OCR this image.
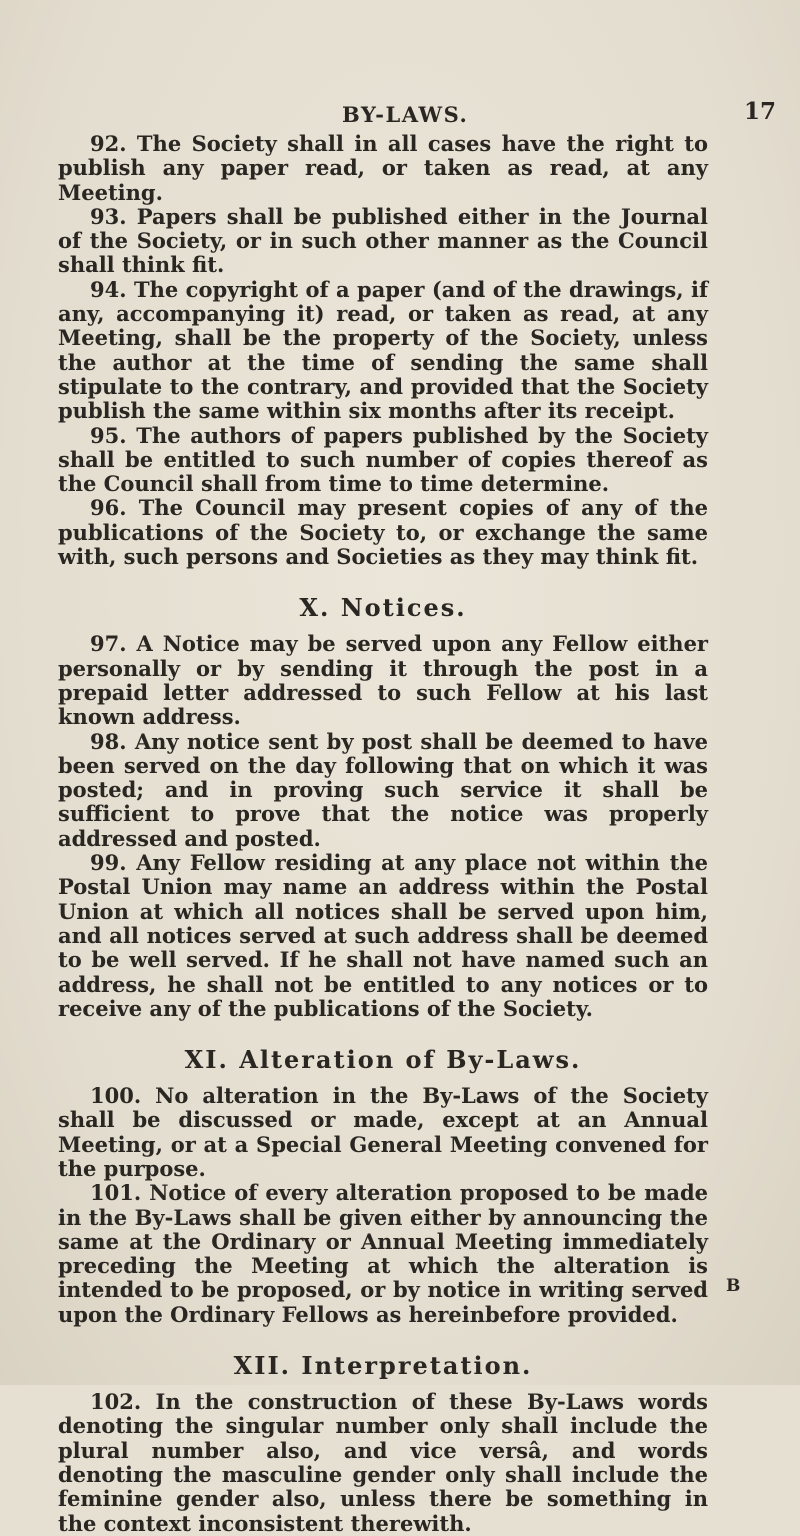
BY-LAWS.	17

92. The Society shall in all cases have the right to publish any paper read, or taken as read, at any Meeting.

93. Papers shall be published either in the Journal of the Society, or in such other manner as the Council shall think fit.

94. The copyright of a paper (and of the drawings, if any, accompanying it) read, or taken as read, at any Meeting, shall be the property of the Society, unless the author at the time of sending the same shall stipulate to the contrary, and provided that the Society publish the same within six months after its receipt.

95. The authors of papers published by the Society shall be entitled to such number of copies thereof as the Council shall from time to time determine.

96. The Council may present copies of any of the publications of the Society to, or exchange the same with, such persons and Societies as they may think fit.

X. Notices.

97. A Notice may be served upon any Fellow either personally or by sending it through the post in a prepaid letter addressed to such Fellow at his last known address.

98. Any notice sent by post shall be deemed to have been served on the day following that on which it was posted; and in proving such service it shall be sufficient to prove that the notice was properly addressed and posted.

99. Any Fellow residing at any place not within the Postal Union may name an address within the Postal Union at which all notices shall be served upon him, and all notices served at such address shall be deemed to be well served. If he shall not have named such an address, he shall not be entitled to any notices or to receive any of the publications of the Society.

XI. Alteration of By-Laws.

100. No alteration in the By-Laws of the Society shall be discussed or made, except at an Annual Meeting, or at a Special General Meeting convened for the purpose.

101. Notice of every alteration proposed to be made in the By-Laws shall be given either by announcing the same at the Ordinary or Annual Meeting immediately preceding the Meeting at which the alteration is intended to be proposed, or by notice in writing served upon the Ordinary Fellows as hereinbefore provided.

XII. Interpretation.

102. In the construction of these By-Laws words denoting the singular number only shall include the plural number also, and vice versâ, and words denoting the masculine gender only shall include the feminine gender also, unless there be something in the context inconsistent therewith.

B
